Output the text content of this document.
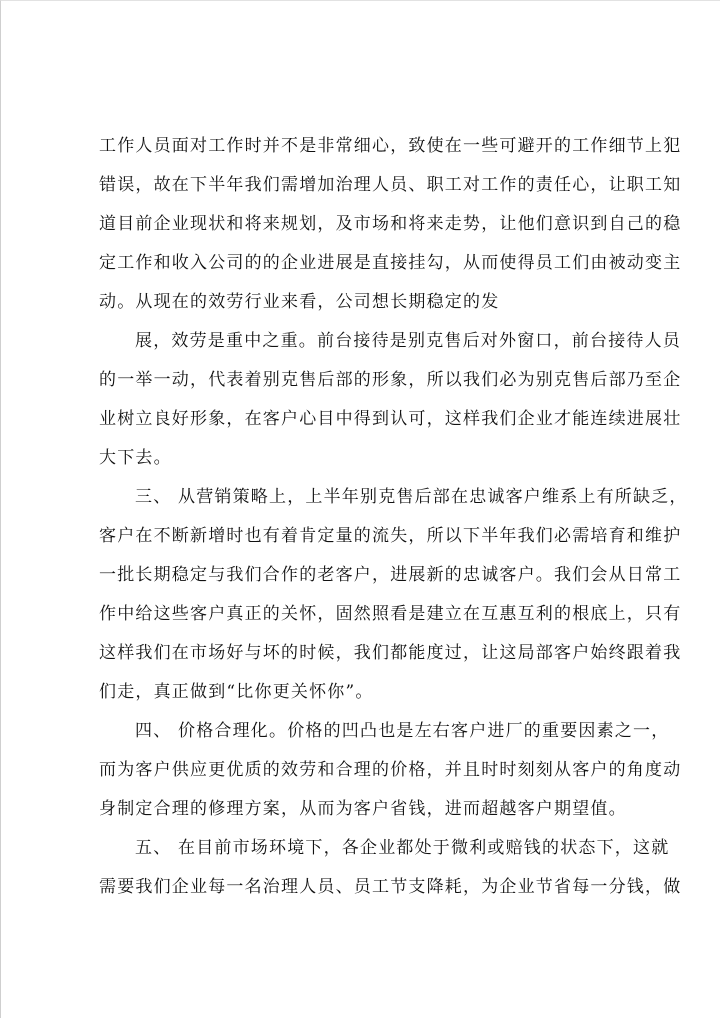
工作人员面对工作时并不是非常细心，致使在一些可避开的工作细节上犯
错误，故在下半年我们需增加治理人员、职工对工作的责任心，让职工知
道目前企业现状和将来规划，及市场和将来走势，让他们意识到自己的稳
定工作和收入公司的的企业进展是直接挂勾，从而使得员工们由被动变主
动。从现在的效劳行业来看，公司想长期稳定的发
展，效劳是重中之重。前台接待是别克售后对外窗口，前台接待人员
的一举一动，代表着别克售后部的形象，所以我们必为别克售后部乃至企
业树立良好形象，在客户心目中得到认可，这样我们企业才能连续进展壮
大下去。
三、 从营销策略上，上半年别克售后部在忠诚客户维系上有所缺乏，
客户在不断新增时也有着肯定量的流失，所以下半年我们必需培育和维护
一批长期稳定与我们合作的老客户，进展新的忠诚客户。我们会从日常工
作中给这些客户真正的关怀，固然照看是建立在互惠互利的根底上，只有
这样我们在市场好与坏的时候，我们都能度过，让这局部客户始终跟着我
们走，真正做到“比你更关怀你”。
四、 价格合理化。价格的凹凸也是左右客户进厂的重要因素之一，
而为客户供应更优质的效劳和合理的价格，并且时时刻刻从客户的角度动
身制定合理的修理方案，从而为客户省钱，进而超越客户期望值。
五、 在目前市场环境下，各企业都处于微利或赔钱的状态下，这就
需要我们企业每一名治理人员、员工节支降耗，为企业节省每一分钱，做
